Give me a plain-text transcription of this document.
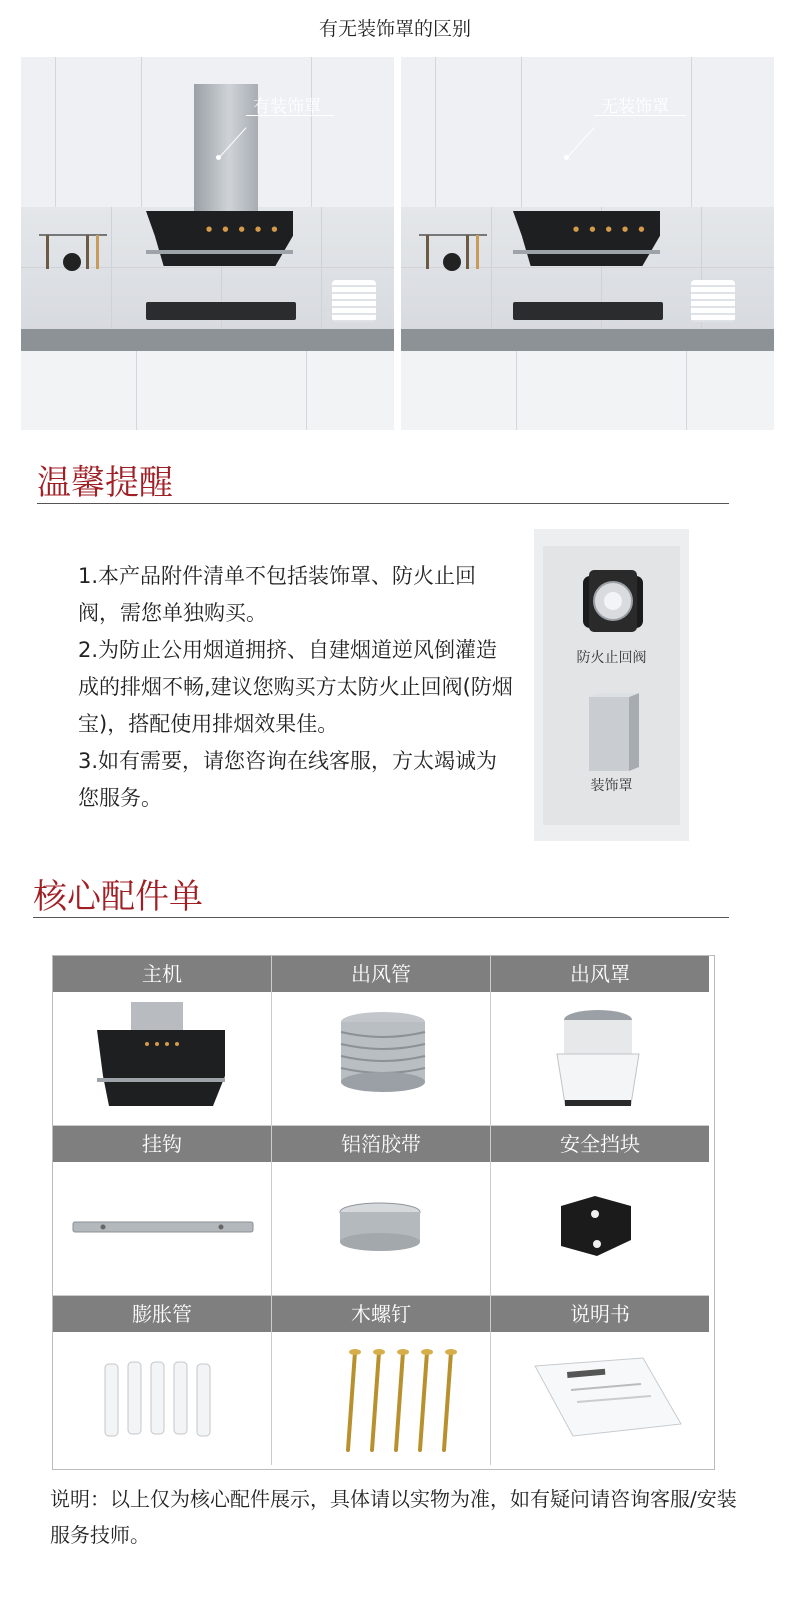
有无装饰罩的区别
● ● ● ● ●
有装饰罩
● ● ● ● ●
无装饰罩
温馨提醒

1.本产品附件清单不包括装饰罩、防火止回阀，需您单独购买。

2.为防止公用烟道拥挤、自建烟道逆风倒灌造成的排烟不畅,建议您购买方太防火止回阀(防烟宝)，搭配使用排烟效果佳。

3.如有需要，请您咨询在线客服，方太竭诚为您服务。

防火止回阀
装饰罩
核心配件单
主机	出风管	出风罩
挂钩	铝箔胶带	安全挡块
膨胀管	木螺钉	说明书
说明：以上仅为核心配件展示，具体请以实物为准，如有疑问请咨询客服/安装服务技师。
